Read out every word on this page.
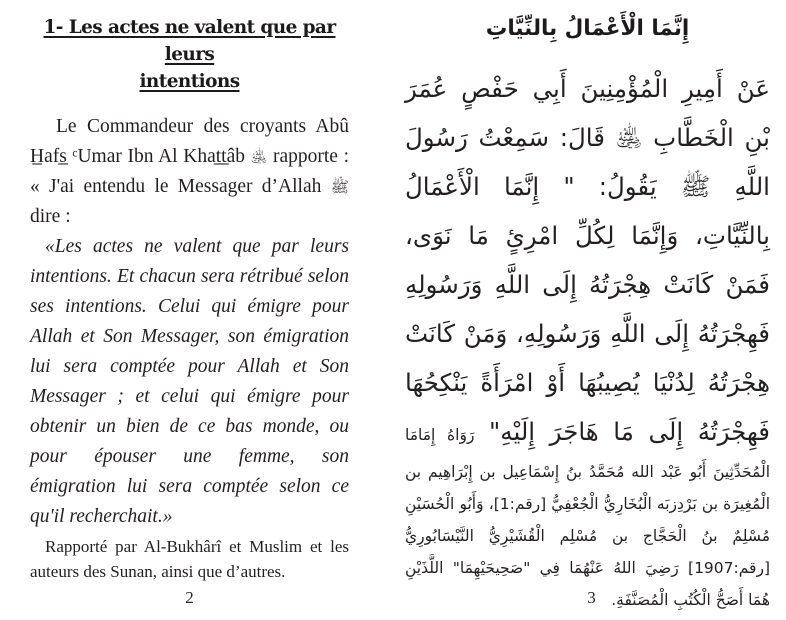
1- Les actes ne valent que par leurs
intentions

Le Commandeur des croyants Abû H̲afs̲ ᶜUmar Ibn Al Khat̲t̲âb ﵁ rapporte : « J'ai entendu le Messager d’Allah ﷺ dire :

«Les actes ne valent que par leurs intentions. Et chacun sera rétribué selon ses intentions. Celui qui émigre pour Allah et Son Messager, son émigration lui sera comptée pour Allah et Son Messager ; et celui qui émigre pour obtenir un bien de ce bas monde, ou pour épouser une femme, son émigration lui sera comptée selon ce qu'il recherchait.»

Rapporté par Al-Bukhârî et Muslim et les auteurs des Sunan, ainsi que d’autres.

2
إِنَّمَا الْأَعْمَالُ بِالنِّيَّاتِ

عَنْ أَمِيرِ الْمُؤْمِنِينَ أَبِي حَفْصٍ عُمَرَ بْنِ الْخَطَّابِ ﵁ قَالَ: سَمِعْتُ رَسُولَ اللَّهِ ﷺ يَقُولُ: " إِنَّمَا الْأَعْمَالُ بِالنِّيَّاتِ، وَإِنَّمَا لِكُلِّ امْرِئٍ مَا نَوَى، فَمَنْ كَانَتْ هِجْرَتُهُ إِلَى اللَّهِ وَرَسُولِهِ فَهِجْرَتُهُ إِلَى اللَّهِ وَرَسُولِهِ، وَمَنْ كَانَتْ هِجْرَتُهُ لِدُنْيَا يُصِيبُهَا أَوْ امْرَأَةً يَنْكِحُهَا فَهِجْرَتُهُ إِلَى مَا هَاجَرَ إِلَيْهِ" رَوَاهُ إِمَامَا الْمُحَدِّثِينَ أَبُو عَبْد الله مُحَمَّدُ بنُ إِسْمَاعِيل بن إِبْرَاهِيم بن الْمُغِيرَة بن بَرْدِزبَه الْبُخَارِيُّ الْجُعْفِيُّ [رقم:1]، وَأَبُو الْحُسَيْنِ مُسْلِمٌ بنُ الْحَجَّاج بن مُسْلِم الْقُشَيْرِيُّ النَّيْسَابُورِيُّ [رقم:1907] رَضِيَ اللهُ عَنْهُمَا فِي "صَحِيحَيْهِمَا" اللَّذَيْنِ هُمَا أَصَحُّ الْكُتُبِ الْمُصَنَّفَةِ.

3
